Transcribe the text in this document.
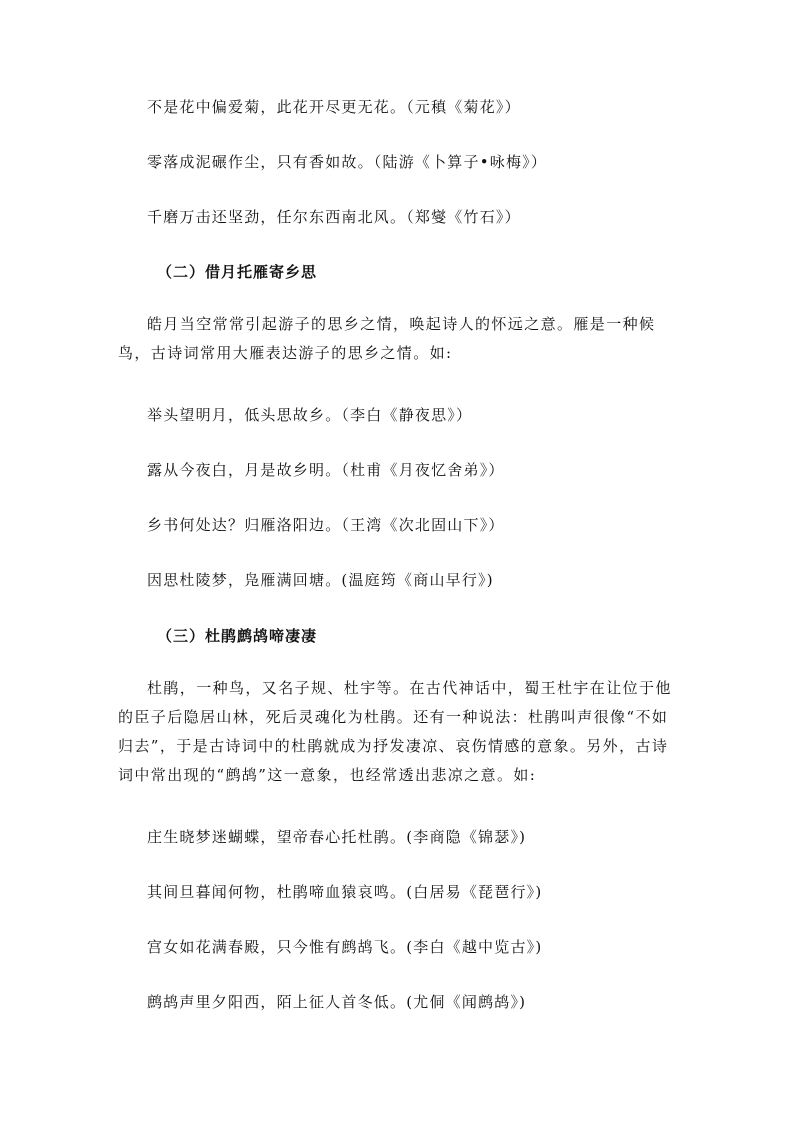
不是花中偏爱菊，此花开尽更无花。（元稹《菊花》）
零落成泥碾作尘，只有香如故。（陆游《卜算子•咏梅》）
千磨万击还坚劲，任尔东西南北风。（郑燮《竹石》）
（二）借月托雁寄乡思
皓月当空常常引起游子的思乡之情，唤起诗人的怀远之意。雁是一种候鸟，古诗词常用大雁表达游子的思乡之情。如:
举头望明月，低头思故乡。（李白《静夜思》）
露从今夜白，月是故乡明。（杜甫《月夜忆舍弟》）
乡书何处达？归雁洛阳边。（王湾《次北固山下》）
因思杜陵梦，凫雁满回塘。(温庭筠《商山早行》)
（三）杜鹃鹧鸪啼凄凄
杜鹃，一种鸟，又名子规、杜宇等。在古代神话中，蜀王杜宇在让位于他的臣子后隐居山林，死后灵魂化为杜鹃。还有一种说法：杜鹃叫声很像“不如归去”，于是古诗词中的杜鹃就成为抒发凄凉、哀伤情感的意象。另外，古诗词中常出现的“鹧鸪”这一意象，也经常透出悲凉之意。如:
庄生晓梦迷蝴蝶，望帝春心托杜鹃。(李商隐《锦瑟》)
其间旦暮闻何物，杜鹃啼血猿哀鸣。(白居易《琵琶行》)
宫女如花满春殿，只今惟有鹧鸪飞。(李白《越中览古》)
鹧鸪声里夕阳西，陌上征人首冬低。(尤侗《闻鹧鸪》)
